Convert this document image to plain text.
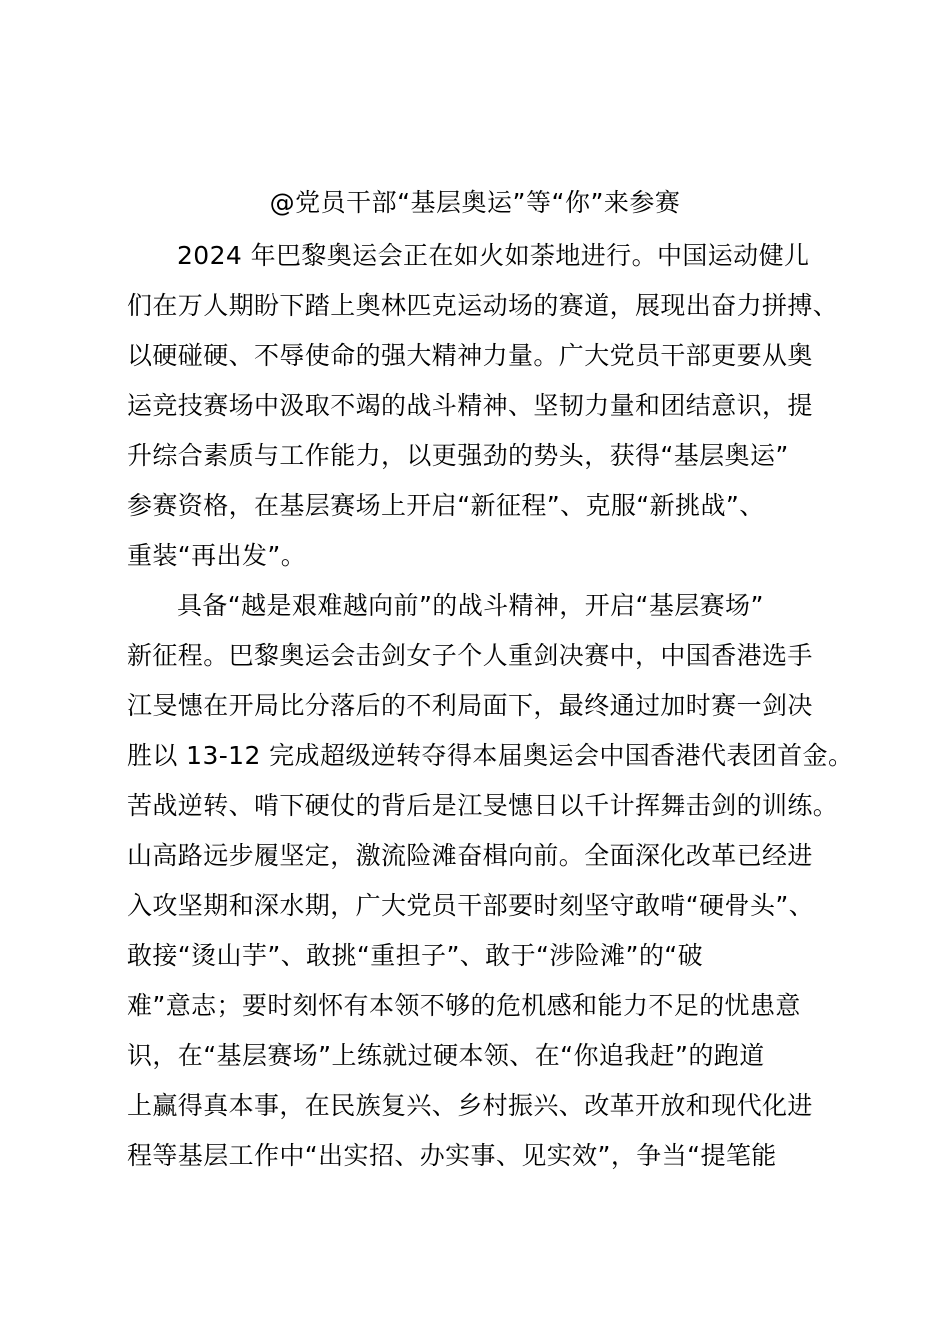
@党员干部“基层奥运”等“你”来参赛
2024 年巴黎奥运会正在如火如荼地进行。中国运动健儿
们在万人期盼下踏上奥林匹克运动场的赛道，展现出奋力拼搏、
以硬碰硬、不辱使命的强大精神力量。广大党员干部更要从奥
运竞技赛场中汲取不竭的战斗精神、坚韧力量和团结意识，提
升综合素质与工作能力，以更强劲的势头，获得“基层奥运”
参赛资格，在基层赛场上开启“新征程”、克服“新挑战”、
重装“再出发”。
具备“越是艰难越向前”的战斗精神，开启“基层赛场”
新征程。巴黎奥运会击剑女子个人重剑决赛中，中国香港选手
江旻憓在开局比分落后的不利局面下，最终通过加时赛一剑决
胜以 13-12 完成超级逆转夺得本届奥运会中国香港代表团首金。
苦战逆转、啃下硬仗的背后是江旻憓日以千计挥舞击剑的训练。
山高路远步履坚定，激流险滩奋楫向前。全面深化改革已经进
入攻坚期和深水期，广大党员干部要时刻坚守敢啃“硬骨头”、
敢接“烫山芋”、敢挑“重担子”、敢于“涉险滩”的“破
难”意志；要时刻怀有本领不够的危机感和能力不足的忧患意
识，在“基层赛场”上练就过硬本领、在“你追我赶”的跑道
上赢得真本事，在民族复兴、乡村振兴、改革开放和现代化进
程等基层工作中“出实招、办实事、见实效”，争当“提笔能
